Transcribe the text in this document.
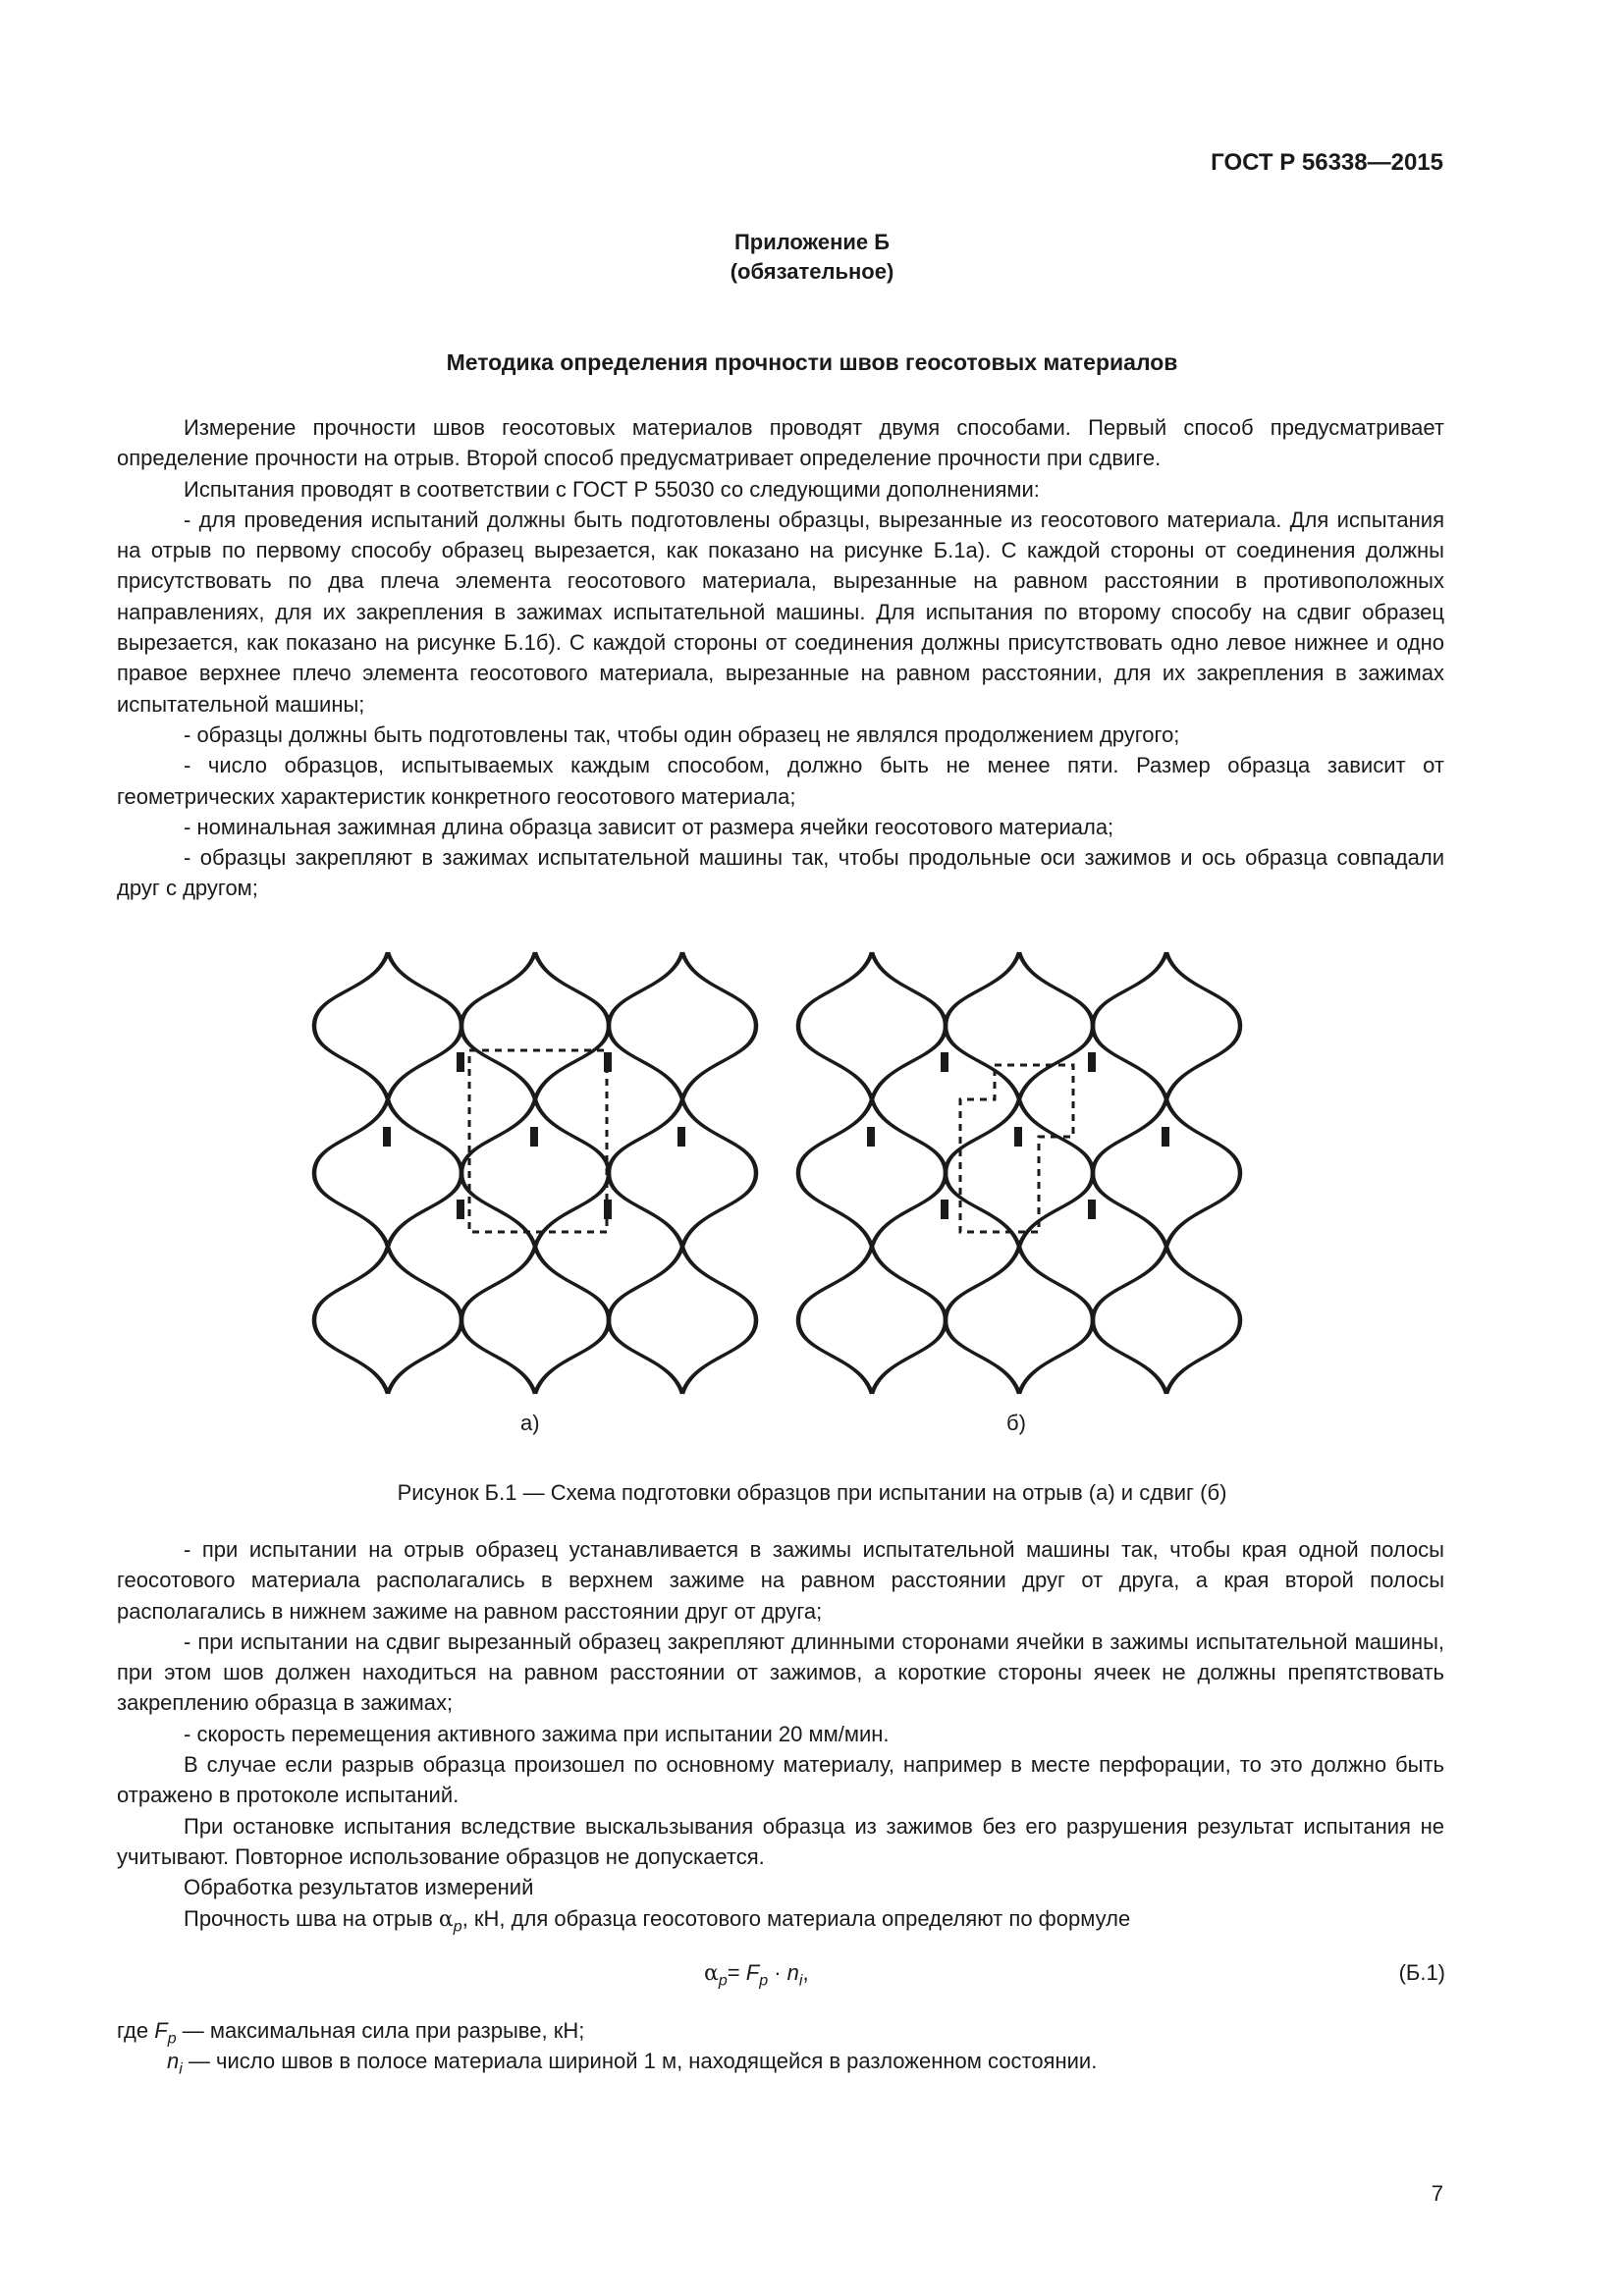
ГОСТ Р 56338—2015
Приложение Б
(обязательное)
Методика определения прочности швов геосотовых материалов

Измерение прочности швов геосотовых материалов проводят двумя способами. Первый способ предусматривает определение прочности на отрыв. Второй способ предусматривает определение прочности при сдвиге.

Испытания проводят в соответствии с ГОСТ Р 55030 со следующими дополнениями:

- для проведения испытаний должны быть подготовлены образцы, вырезанные из геосотового материала. Для испытания на отрыв по первому способу образец вырезается, как показано на рисунке Б.1а). С каждой стороны от соединения должны присутствовать по два плеча элемента геосотового материала, вырезанные на равном расстоянии в противоположных направлениях, для их закрепления в зажимах испытательной машины. Для испытания по второму способу на сдвиг образец вырезается, как показано на рисунке Б.1б). С каждой стороны от соединения должны присутствовать одно левое нижнее и одно правое верхнее плечо элемента геосотового материала, вырезанные на равном расстоянии, для их закрепления в зажимах испытательной машины;

- образцы должны быть подготовлены так, чтобы один образец не являлся продолжением другого;

- число образцов, испытываемых каждым способом, должно быть не менее пяти. Размер образца зависит от геометрических характеристик конкретного геосотового материала;

- номинальная зажимная длина образца зависит от размера ячейки геосотового материала;

- образцы закрепляют в зажимах испытательной машины так, чтобы продольные оси зажимов и ось образца совпадали друг с другом;

а)	б)
Рисунок Б.1 — Схема подготовки образцов при испытании на отрыв (а) и сдвиг (б)

- при испытании на отрыв образец устанавливается в зажимы испытательной машины так, чтобы края одной полосы геосотового материала располагались в верхнем зажиме на равном расстоянии друг от друга, а края второй полосы располагались в нижнем зажиме на равном расстоянии друг от друга;

- при испытании на сдвиг вырезанный образец закрепляют длинными сторонами ячейки в зажимы испытательной машины, при этом шов должен находиться на равном расстоянии от зажимов, а короткие стороны ячеек не должны препятствовать закреплению образца в зажимах;

- скорость перемещения активного зажима при испытании 20 мм/мин.

В случае если разрыв образца произошел по основному материалу, например в месте перфорации, то это должно быть отражено в протоколе испытаний.

При остановке испытания вследствие выскальзывания образца из зажимов без его разрушения результат испытания не учитывают. Повторное использование образцов не допускается.

Обработка результатов измерений

Прочность шва на отрыв $\alpha_р$, кН, для образца геосотового материала определяют по формуле

$\alpha_р= F_р \cdot n_i$,	(Б.1)
где $F_р$ — максимальная сила при разрыве, кН;
$n_i$ — число швов в полосе материала шириной 1 м, находящейся в разложенном состоянии.
7
